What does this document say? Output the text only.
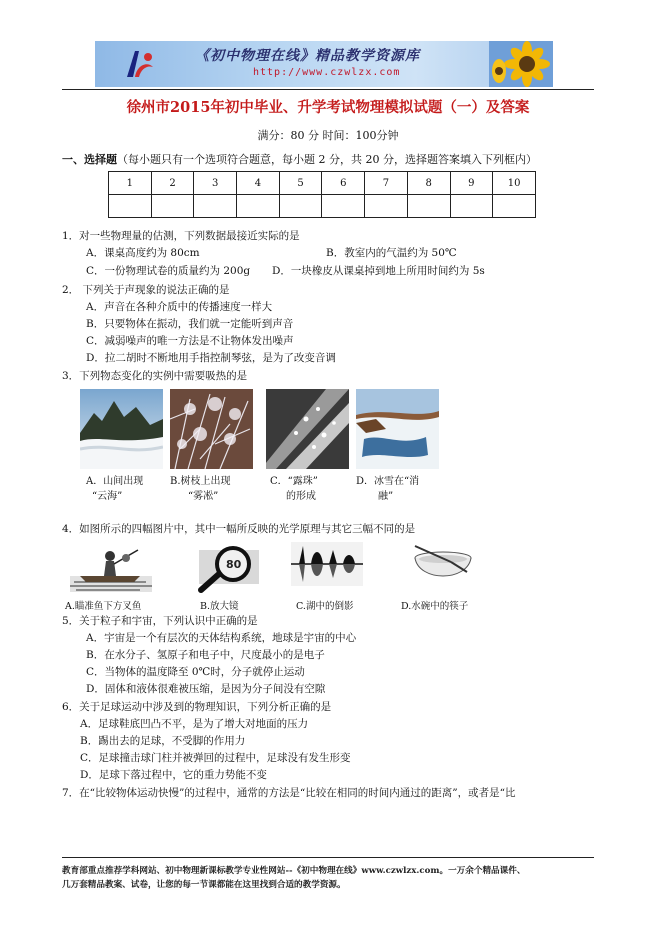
《初中物理在线》精品教学资源库
http://www.czwlzx.com
徐州市2015年初中毕业、升学考试物理模拟试题（一）及答案
满分：80 分 时间：100分钟
一、选择题（每小题只有一个选项符合题意，每小题 2 分，共 20 分，选择题答案填入下列框内）
1	2	3	4	5	6	7	8	9	10

1．对一些物理量的估测，下列数据最接近实际的是
A．课桌高度约为 80cm	B．教室内的气温约为 50℃
C．一份物理试卷的质量约为 200g D．一块橡皮从课桌掉到地上所用时间约为 5s
2． 下列关于声现象的说法正确的是
A．声音在各种介质中的传播速度一样大
B．只要物体在振动，我们就一定能听到声音
C．减弱噪声的唯一方法是不让物体发出噪声
D．拉二胡时不断地用手指控制琴弦，是为了改变音调
3．下列物态变化的实例中需要吸热的是
A．山间出现
“云海”
B.树枝上出现
“雾凇”
C．“露珠”
的形成
D．冰雪在“消
融”
4．如图所示的四幅图片中，其中一幅所反映的光学原理与其它三幅不同的是
80
A.瞄准鱼下方叉鱼	B.放大镜	C.湖中的倒影	D.水碗中的筷子
5．关于粒子和宇宙，下列认识中正确的是
A．宇宙是一个有层次的天体结构系统，地球是宇宙的中心
B．在水分子、氢原子和电子中，尺度最小的是电子
C．当物体的温度降至 0℃时，分子就停止运动
D．固体和液体很难被压缩，是因为分子间没有空隙
6．关于足球运动中涉及到的物理知识，下列分析正确的是
A．足球鞋底凹凸不平，是为了增大对地面的压力
B．踢出去的足球，不受脚的作用力
C．足球撞击球门柱并被弹回的过程中，足球没有发生形变
D．足球下落过程中，它的重力势能不变
7．在“比较物体运动快慢”的过程中，通常的方法是“比较在相同的时间内通过的距离”，或者是“比
教育部重点推荐学科网站、初中物理新课标教学专业性网站--《初中物理在线》www.czwlzx.com。一万余个精品课件、
几万套精品教案、试卷，让您的每一节课都能在这里找到合适的教学资源。
